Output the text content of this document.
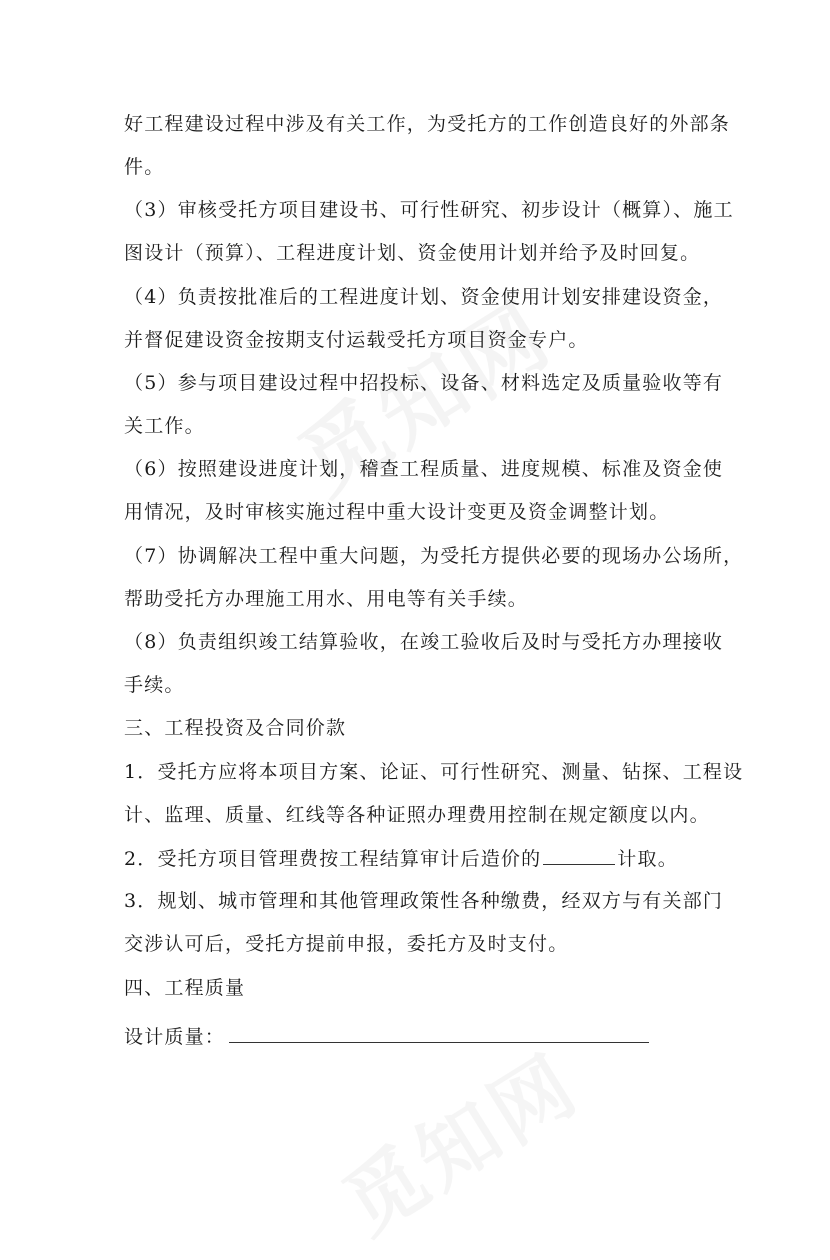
好工程建设过程中涉及有关工作，为受托方的工作创造良好的外部条
件。
（3）审核受托方项目建设书、可行性研究、初步设计（概算）、施工
图设计（预算）、工程进度计划、资金使用计划并给予及时回复。
（4）负责按批准后的工程进度计划、资金使用计划安排建设资金，
并督促建设资金按期支付运载受托方项目资金专户。
（5）参与项目建设过程中招投标、设备、材料选定及质量验收等有
关工作。
（6）按照建设进度计划，稽查工程质量、进度规模、标准及资金使
用情况，及时审核实施过程中重大设计变更及资金调整计划。
（7）协调解决工程中重大问题，为受托方提供必要的现场办公场所，
帮助受托方办理施工用水、用电等有关手续。
（8）负责组织竣工结算验收，在竣工验收后及时与受托方办理接收
手续。
三、工程投资及合同价款
1．受托方应将本项目方案、论证、可行性研究、测量、钻探、工程设
计、监理、质量、红线等各种证照办理费用控制在规定额度以内。
2．受托方项目管理费按工程结算审计后造价的	计取。
3．规划、城市管理和其他管理政策性各种缴费，经双方与有关部门
交涉认可后，受托方提前申报，委托方及时支付。
四、工程质量
设计质量：
